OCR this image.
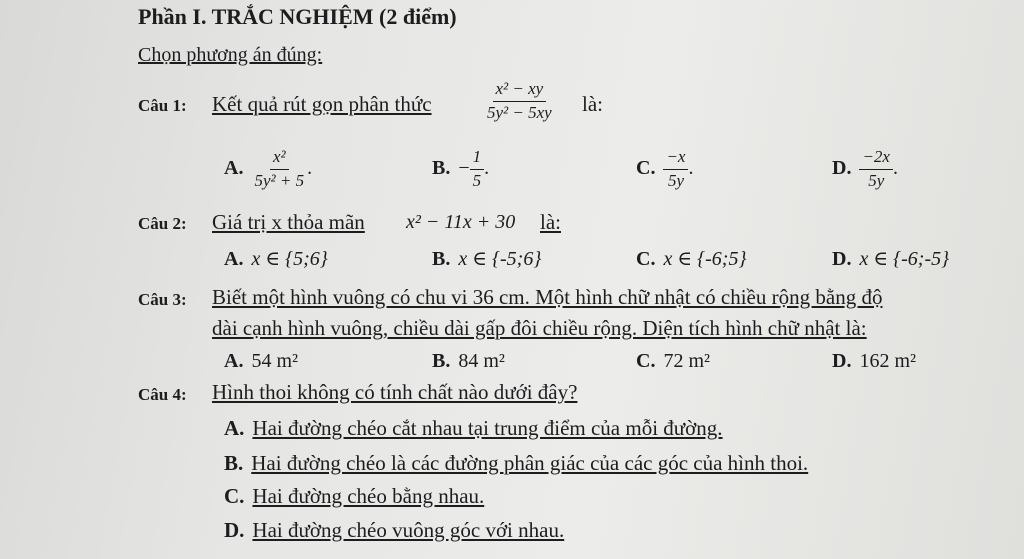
Phần I. TRẮC NGHIỆM (2 điểm)
Chọn phương án đúng:
Câu 1: Kết quả rút gọn phân thức	$\frac{\text{x² − xy}}{\text{5y² − 5xy}}$ là:
A. $\frac{\text{x²}}{\text{5y² + 5}}$ .	B. − $\frac{1}{5}$ .	C. $\frac{-x}{5y}$ .	D. $\frac{-2x}{5y}$ .
Câu 2: Giá trị x thỏa mãn x² − 11x + 30 là:
A. x ∈ {5;6}	B. x ∈ {-5;6}	C. x ∈ {-6;5}	D. x ∈ {-6;-5}
Câu 3: Biết một hình vuông có chu vi 36 cm. Một hình chữ nhật có chiều rộng bằng độ
dài cạnh hình vuông, chiều dài gấp đôi chiều rộng. Diện tích hình chữ nhật là:
A. 54 m²	B. 84 m²	C. 72 m²	D. 162 m²
Câu 4: Hình thoi không có tính chất nào dưới đây?
A. Hai đường chéo cắt nhau tại trung điểm của mỗi đường.
B. Hai đường chéo là các đường phân giác của các góc của hình thoi.
C. Hai đường chéo bằng nhau.
D. Hai đường chéo vuông góc với nhau.
